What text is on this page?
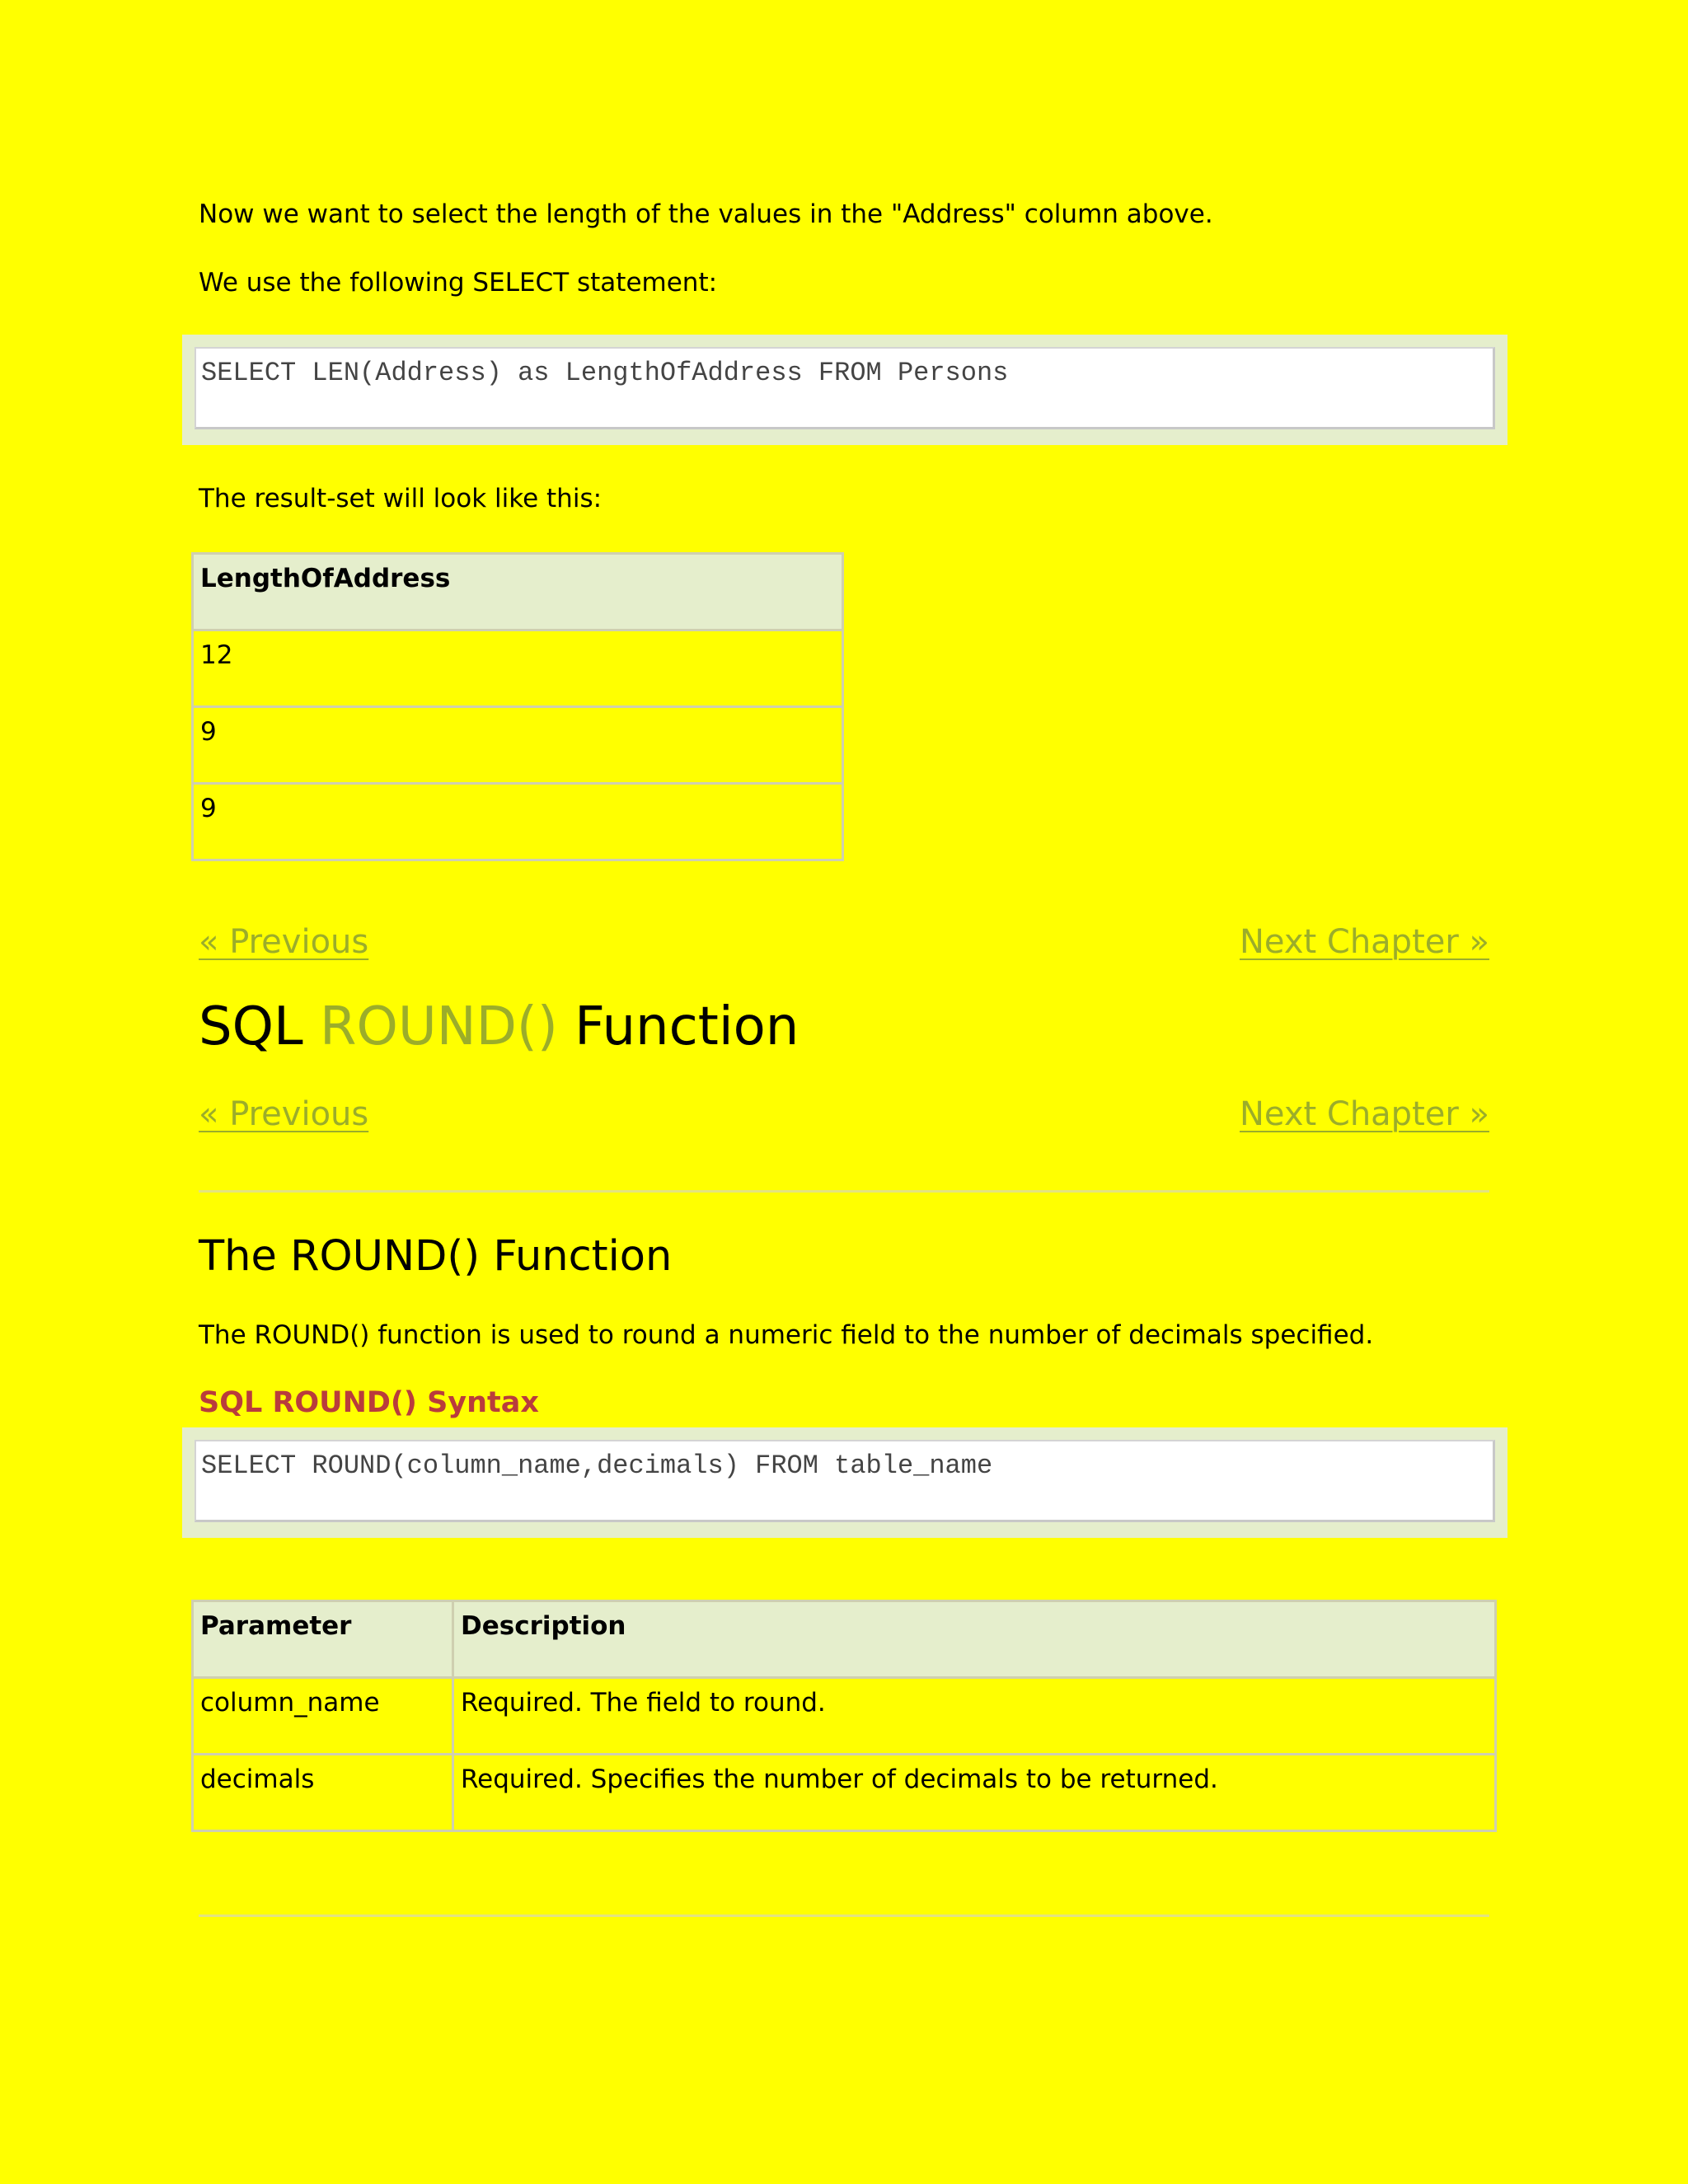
Now we want to select the length of the values in the "Address" column above.

We use the following SELECT statement:

SELECT LEN(Address) as LengthOfAddress FROM Persons

The result-set will look like this:

LengthOfAddress
12
9
9
« Previous	Next Chapter »
SQL ROUND() Function
« Previous	Next Chapter »
The ROUND() Function

The ROUND() function is used to round a numeric field to the number of decimals specified.

SQL ROUND() Syntax
SELECT ROUND(column_name,decimals) FROM table_name
Parameter	Description
column_name	Required. The field to round.
decimals	Required. Specifies the number of decimals to be returned.
